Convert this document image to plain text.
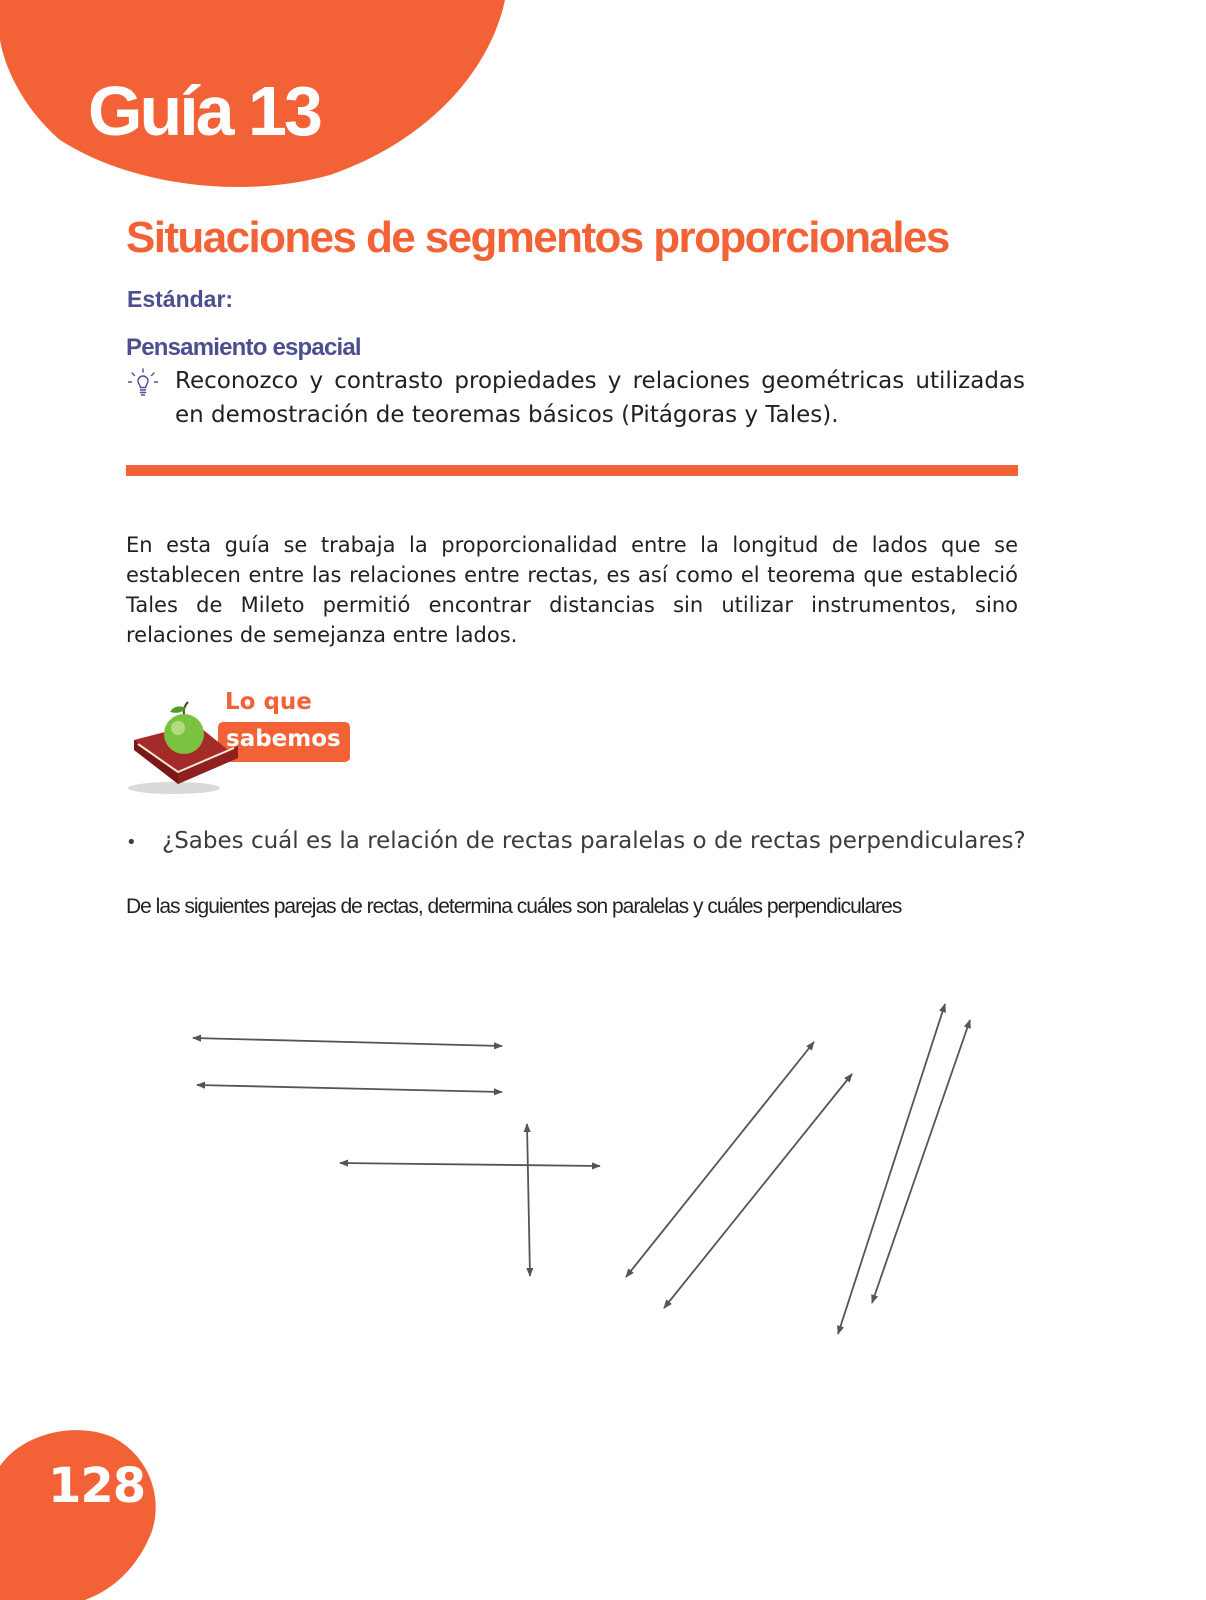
Guía 13
Situaciones de segmentos proporcionales
Estándar:
Pensamiento espacial
Reconozco y contrasto propiedades y relaciones geométricas utilizadas en demostración de teoremas básicos (Pitágoras y Tales).
En esta guía se trabaja la proporcionalidad entre la longitud de lados que se establecen entre las relaciones entre rectas, es así como el teorema que estableció Tales de Mileto permitió encontrar distancias sin utilizar instrumentos, sino relaciones de semejanza entre lados.
Lo que
sabemos
• ¿Sabes cuál es la relación de rectas paralelas o de rectas perpendiculares?
De las siguientes parejas de rectas, determina cuáles son paralelas y cuáles perpendiculares
128
